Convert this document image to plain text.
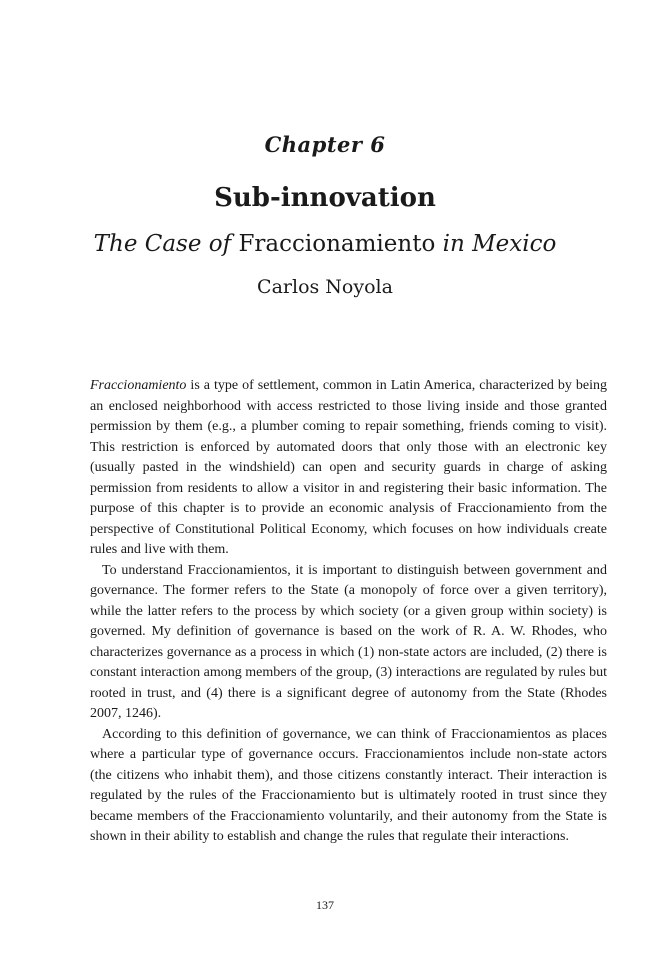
Chapter 6
Sub-innovation
The Case of Fraccionamiento in Mexico
Carlos Noyola

Fraccionamiento is a type of settlement, common in Latin America, characterized by being an enclosed neighborhood with access restricted to those living inside and those granted permission by them (e.g., a plumber coming to repair something, friends coming to visit). This restriction is enforced by automated doors that only those with an electronic key (usually pasted in the windshield) can open and security guards in charge of asking permission from residents to allow a visitor in and registering their basic information. The purpose of this chapter is to provide an economic analysis of Fraccionamiento from the perspective of Constitutional Political Economy, which focuses on how individuals create rules and live with them.

To understand Fraccionamientos, it is important to distinguish between government and governance. The former refers to the State (a monopoly of force over a given territory), while the latter refers to the process by which society (or a given group within society) is governed. My definition of governance is based on the work of R. A. W. Rhodes, who characterizes governance as a process in which (1) non-state actors are included, (2) there is constant interaction among members of the group, (3) interactions are regulated by rules but rooted in trust, and (4) there is a significant degree of autonomy from the State (Rhodes 2007, 1246).

According to this definition of governance, we can think of Fraccionamientos as places where a particular type of governance occurs. Fraccionamientos include non-state actors (the citizens who inhabit them), and those citizens constantly interact. Their interaction is regulated by the rules of the Fraccionamiento but is ultimately rooted in trust since they became members of the Fraccionamiento voluntarily, and their autonomy from the State is shown in their ability to establish and change the rules that regulate their interactions.

137
